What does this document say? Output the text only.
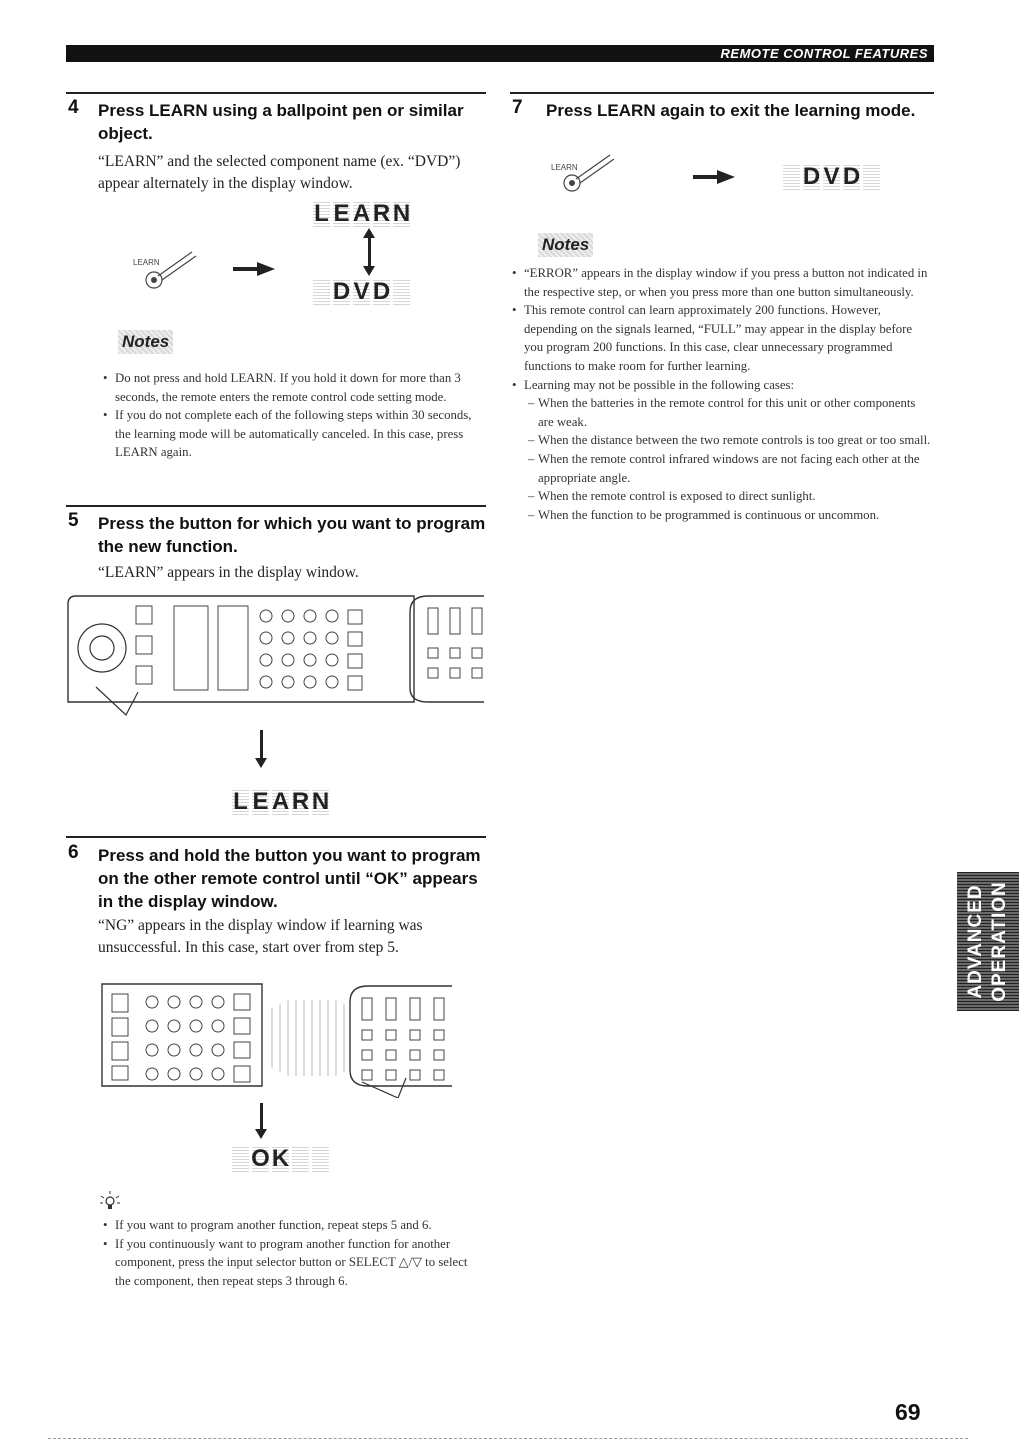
REMOTE CONTROL FEATURES
4 Press LEARN using a ballpoint pen or similar object.
“LEARN” and the selected component name (ex. “DVD”) appear alternately in the display window.
L E A R N
LEARN
D V D
Notes
• Do not press and hold LEARN. If you hold it down for more than 3 seconds, the remote enters the remote control code setting mode.
• If you do not complete each of the following steps within 30 seconds, the learning mode will be automatically canceled. In this case, press LEARN again.
5 Press the button for which you want to program the new function.
“LEARN” appears in the display window.
L E A R N
6 Press and hold the button you want to program on the other remote control until “OK” appears in the display window.
“NG” appears in the display window if learning was unsuccessful. In this case, start over from step 5.
O K
• If you want to program another function, repeat steps 5 and 6.
• If you continuously want to program another function for another component, press the input selector button or SELECT △/▽ to select the component, then repeat steps 3 through 6.
7 Press LEARN again to exit the learning mode.
LEARN	D V D
Notes
• “ERROR” appears in the display window if you press a button not indicated in the respective step, or when you press more than one button simultaneously.
• This remote control can learn approximately 200 functions. However, depending on the signals learned, “FULL” may appear in the display before you program 200 functions. In this case, clear unnecessary programmed functions to make room for further learning.
• Learning may not be possible in the following cases:
– When the batteries in the remote control for this unit or other components are weak.
– When the distance between the two remote controls is too great or too small.
– When the remote control infrared windows are not facing each other at the appropriate angle.
– When the remote control is exposed to direct sunlight.
– When the function to be programmed is continuous or uncommon.
ADVANCED OPERATION
69
